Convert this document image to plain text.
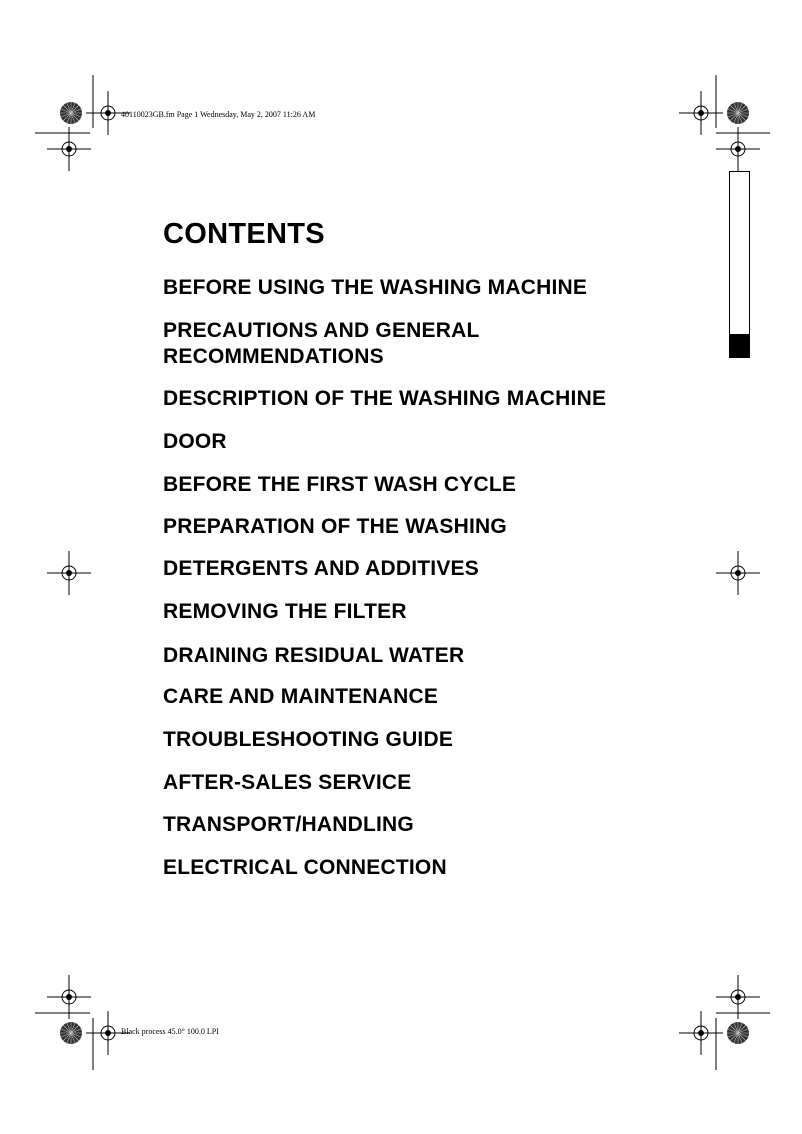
40110023GB.fm Page 1 Wednesday, May 2, 2007 11:26 AM
Black process 45.0° 100.0 LPI
CONTENTS
BEFORE USING THE WASHING MACHINE
PRECAUTIONS AND GENERAL
RECOMMENDATIONS
DESCRIPTION OF THE WASHING MACHINE
DOOR
BEFORE THE FIRST WASH CYCLE
PREPARATION OF THE WASHING
DETERGENTS AND ADDITIVES
REMOVING THE FILTER
DRAINING RESIDUAL WATER
CARE AND MAINTENANCE
TROUBLESHOOTING GUIDE
AFTER-SALES SERVICE
TRANSPORT/HANDLING
ELECTRICAL CONNECTION
